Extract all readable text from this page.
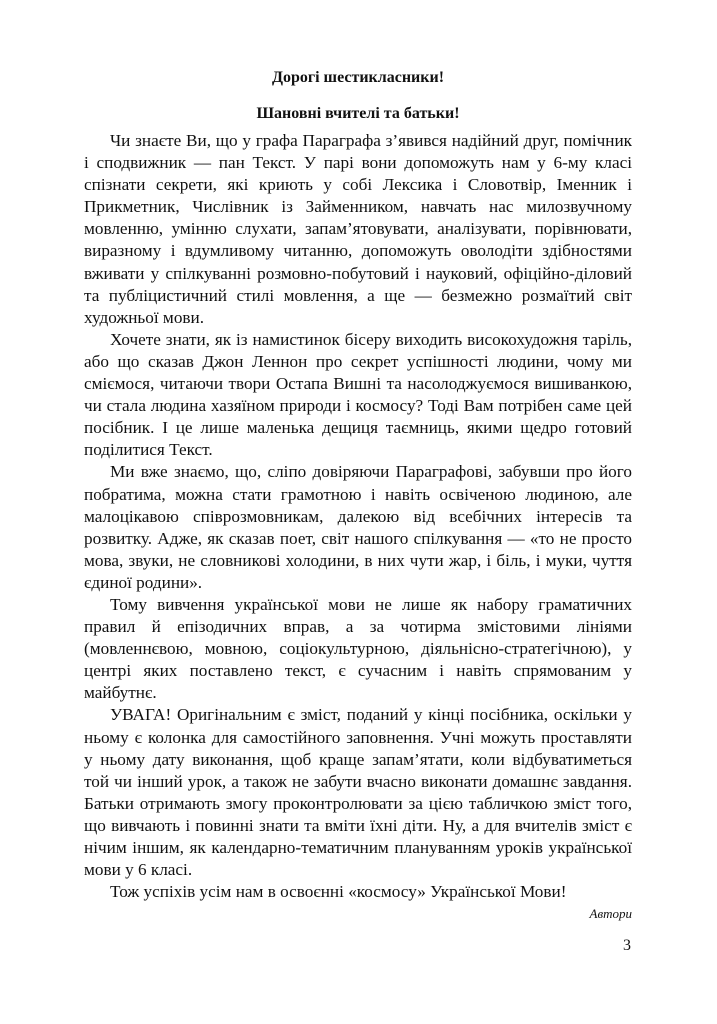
Дорогі шестикласники!
Шановні вчителі та батьки!

Чи знаєте Ви, що у графа Параграфа з’явився надійний друг, помічник і сподвижник — пан Текст. У парі вони допоможуть нам у 6-му класі спізнати секрети, які криють у собі Лексика і Словотвір, Іменник і Прикметник, Числівник із Займенником, навчать нас милозвучному мовленню, умінню слухати, запам’ятовувати, аналізувати, порівнювати, виразному і вдумливому читанню, допоможуть оволодіти здібностями вживати у спілкуванні розмовно-побутовий і науковий, офіційно-діловий та публіцистичний стилі мовлення, а ще — безмежно розмаїтий світ художньої мови.

Хочете знати, як із намистинок бісеру виходить високохудожня таріль, або що сказав Джон Леннон про секрет успішності людини, чому ми сміємося, читаючи твори Остапа Вишні та насолоджуємося вишиванкою, чи стала людина хазяїном природи і космосу? Тоді Вам потрібен саме цей посібник. І це лише маленька дещиця таємниць, якими щедро готовий поділитися Текст.

Ми вже знаємо, що, сліпо довіряючи Параграфові, забувши про його побратима, можна стати грамотною і навіть освіченою людиною, але малоцікавою співрозмовникам, далекою від всебічних інтересів та розвитку. Адже, як сказав поет, світ нашого спілкування — «то не просто мова, звуки, не словникові холодини, в них чути жар, і біль, і муки, чуття єдиної родини».

Тому вивчення української мови не лише як набору граматичних правил й епізодичних вправ, а за чотирма змістовими лініями (мовленнєвою, мовною, соціокультурною, діяльнісно-стратегічною), у центрі яких поставлено текст, є сучасним і навіть спрямованим у майбутнє.

УВАГА! Оригінальним є зміст, поданий у кінці посібника, оскільки у ньому є колонка для самостійного заповнення. Учні можуть проставляти у ньому дату виконання, щоб краще запам’ятати, коли відбуватиметься той чи інший урок, а також не забути вчасно виконати домашнє завдання. Батьки отримають змогу проконтролювати за цією табличкою зміст того, що вивчають і повинні знати та вміти їхні діти. Ну, а для вчителів зміст є нічим іншим, як календарно-тематичним плануванням уроків української мови у 6 класі.

Тож успіхів усім нам в освоєнні «космосу» Української Мови!

Автори

3
